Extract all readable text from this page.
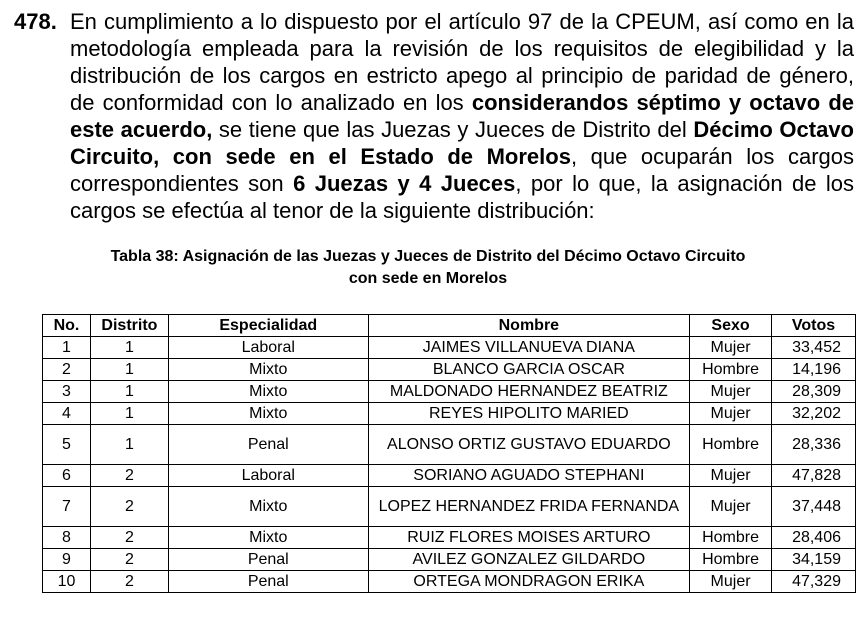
478. En cumplimiento a lo dispuesto por el artículo 97 de la CPEUM, así como en la metodología empleada para la revisión de los requisitos de elegibilidad y la distribución de los cargos en estricto apego al principio de paridad de género, de conformidad con lo analizado en los considerandos séptimo y octavo de este acuerdo, se tiene que las Juezas y Jueces de Distrito del Décimo Octavo Circuito, con sede en el Estado de Morelos, que ocuparán los cargos correspondientes son 6 Juezas y 4 Jueces, por lo que, la asignación de los cargos se efectúa al tenor de la siguiente distribución:
Tabla 38: Asignación de las Juezas y Jueces de Distrito del Décimo Octavo Circuito
con sede en Morelos
No.	Distrito	Especialidad	Nombre	Sexo	Votos
1	1	Laboral	JAIMES VILLANUEVA DIANA	Mujer	33,452
2	1	Mixto	BLANCO GARCIA OSCAR	Hombre	14,196
3	1	Mixto	MALDONADO HERNANDEZ BEATRIZ	Mujer	28,309
4	1	Mixto	REYES HIPOLITO MARIED	Mujer	32,202
5	1	Penal	ALONSO ORTIZ GUSTAVO EDUARDO	Hombre	28,336
6	2	Laboral	SORIANO AGUADO STEPHANI	Mujer	47,828
7	2	Mixto	LOPEZ HERNANDEZ FRIDA FERNANDA	Mujer	37,448
8	2	Mixto	RUIZ FLORES MOISES ARTURO	Hombre	28,406
9	2	Penal	AVILEZ GONZALEZ GILDARDO	Hombre	34,159
10	2	Penal	ORTEGA MONDRAGON ERIKA	Mujer	47,329
